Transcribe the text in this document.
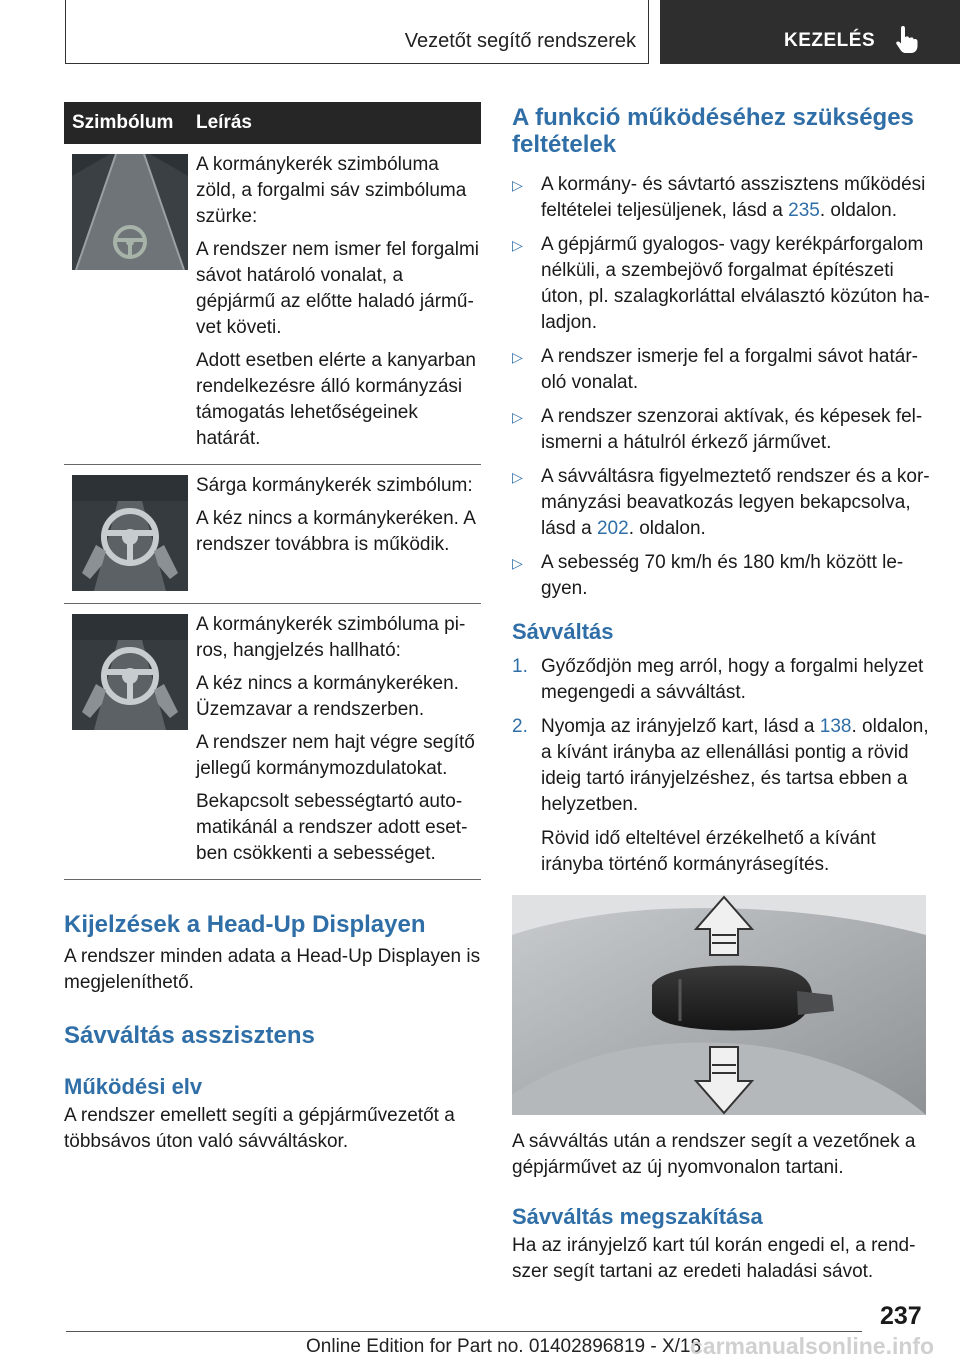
Vezetőt segítő rendszerek	KEZELÉS
Szimbólum	Leírás

A kormánykerék szimbóluma zöld, a forgalmi sáv szimbóluma szürke:

A rendszer nem ismer fel forgalmi sávot határoló vonalat, a gépjármű az előtte haladó járművet követi.

Adott esetben elérte a kanyarban rendelkezésre álló kormányzási támogatás lehetőségeinek határát.

Sárga kormánykerék szimbólum:

A kéz nincs a kormánykeréken. A rendszer továbbra is működik.

A kormánykerék szimbóluma piros, hangjelzés hallható:

A kéz nincs a kormánykeréken. Üzemzavar a rendszerben.

A rendszer nem hajt végre segítő jellegű kormánymozdulatokat.

Bekapcsolt sebességtartó automatikánál a rendszer adott esetben csökkenti a sebességet.

Kijelzések a Head-Up Displayen

A rendszer minden adata a Head-Up Displayen is megjeleníthető.

Sávváltás asszisztens
Működési elv

A rendszer emellett segíti a gépjárművezetőt a többsávos úton való sávváltáskor.

A funkció működéséhez szükséges feltételek
▷ A kormány- és sávtartó asszisztens működési feltételei teljesüljenek, lásd a 235. oldalon.
▷ A gépjármű gyalogos- vagy kerékpárforgalom nélküli, a szembejövő forgalmat építészeti úton, pl. szalagkorláttal elválasztó közúton haladjon.
▷ A rendszer ismerje fel a forgalmi sávot határoló vonalat.
▷ A rendszer szenzorai aktívak, és képesek felismerni a hátulról érkező járművet.
▷ A sávváltásra figyelmeztető rendszer és a kormányzási beavatkozás legyen bekapcsolva, lásd a 202. oldalon.
▷ A sebesség 70 km/h és 180 km/h között legyen.
Sávváltás
1. Győződjön meg arról, hogy a forgalmi helyzet megengedi a sávváltást.
2. Nyomja az irányjelző kart, lásd a 138. oldalon, a kívánt irányba az ellenállási pontig a rövid ideig tartó irányjelzéshez, és tartsa ebben a helyzetben.

Rövid idő elteltével érzékelhető a kívánt irányba történő kormányrásegítés.

A sávváltás után a rendszer segít a vezetőnek a gépjárművet az új nyomvonalon tartani.

Sávváltás megszakítása

Ha az irányjelző kart túl korán engedi el, a rendszer segít tartani az eredeti haladási sávot.

237
Online Edition for Part no. 01402896819 - X/18
carmanualsonline.info
